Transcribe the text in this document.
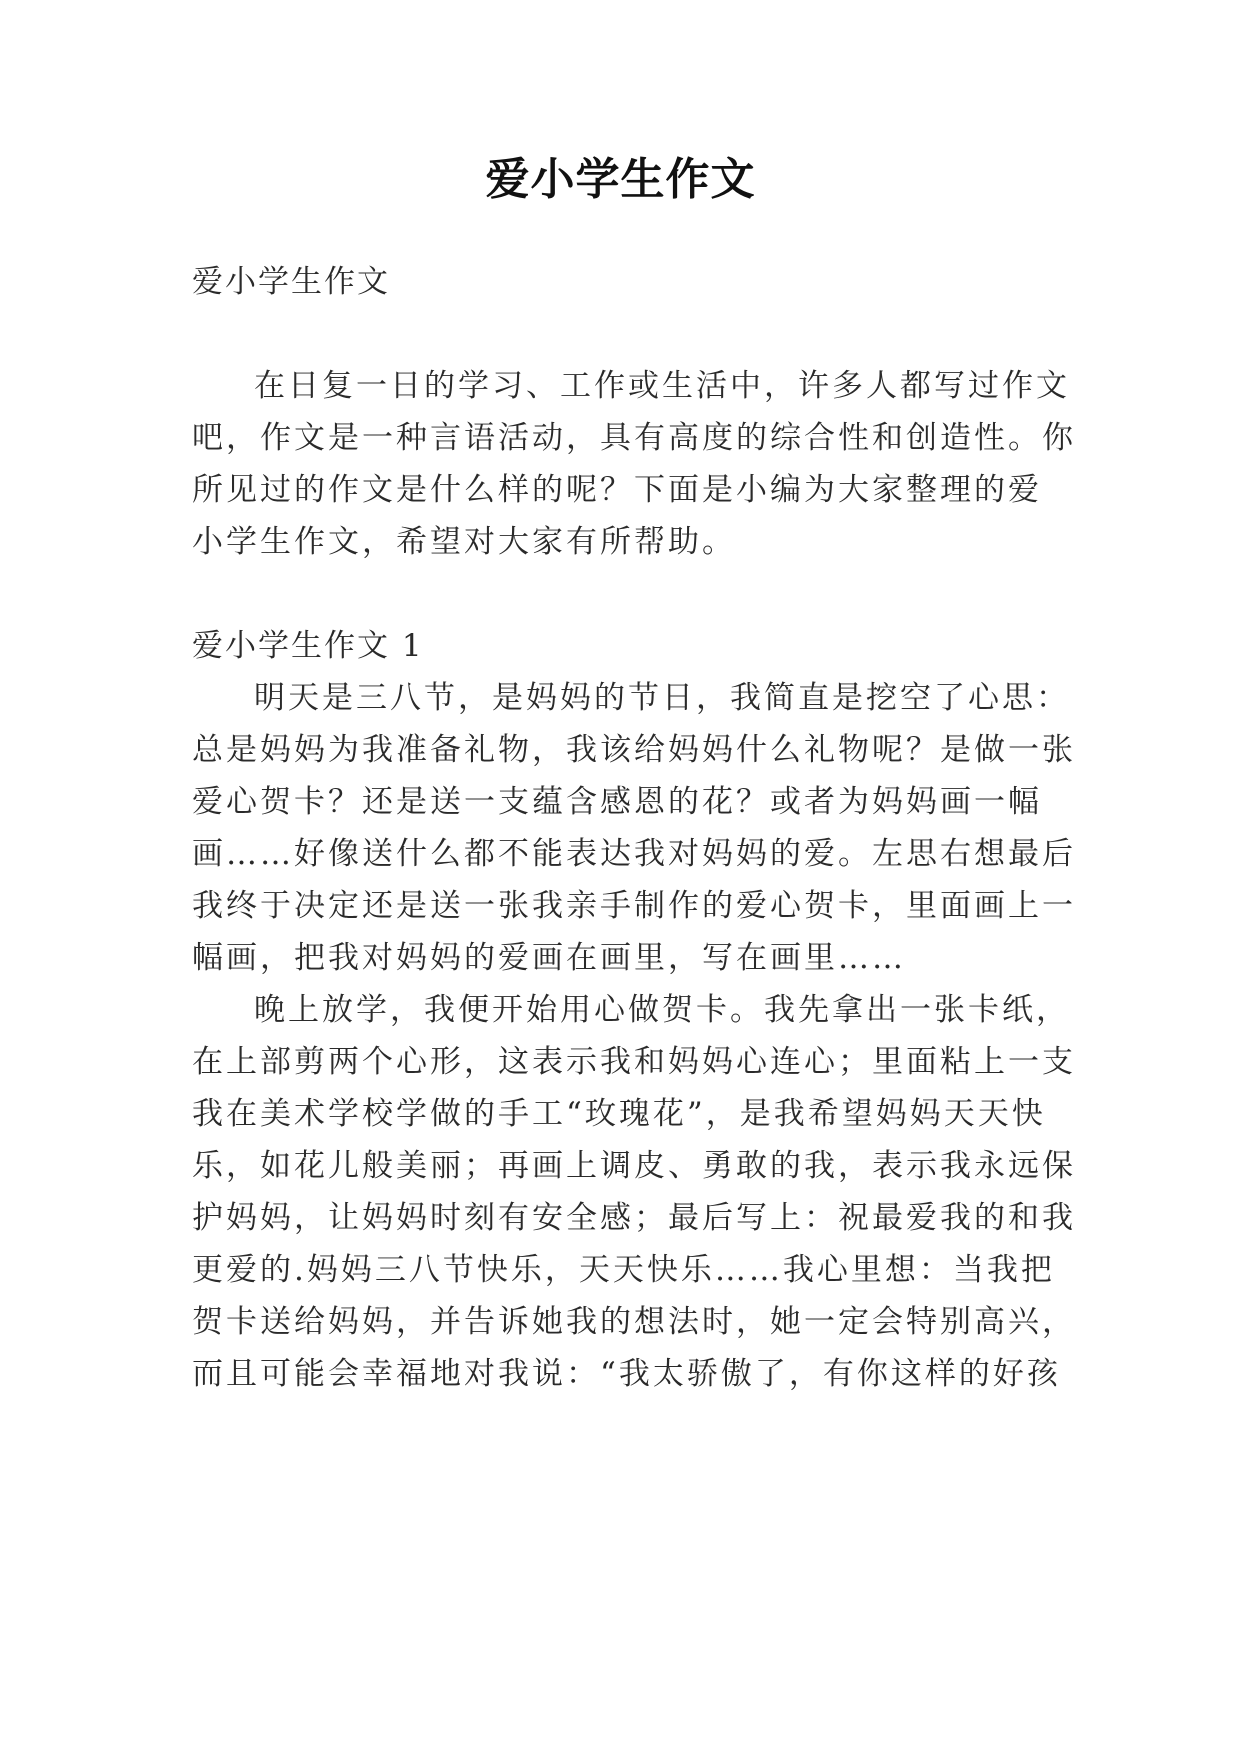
爱小学生作文
爱小学生作文
在日复一日的学习、工作或生活中，许多人都写过作文
吧，作文是一种言语活动，具有高度的综合性和创造性。你
所见过的作文是什么样的呢？下面是小编为大家整理的爱
小学生作文，希望对大家有所帮助。
爱小学生作文 1
明天是三八节，是妈妈的节日，我简直是挖空了心思：
总是妈妈为我准备礼物，我该给妈妈什么礼物呢？是做一张
爱心贺卡？还是送一支蕴含感恩的花？或者为妈妈画一幅
画……好像送什么都不能表达我对妈妈的爱。左思右想最后
我终于决定还是送一张我亲手制作的爱心贺卡，里面画上一
幅画，把我对妈妈的爱画在画里，写在画里……
晚上放学，我便开始用心做贺卡。我先拿出一张卡纸，
在上部剪两个心形，这表示我和妈妈心连心；里面粘上一支
我在美术学校学做的手工“玫瑰花”，是我希望妈妈天天快
乐，如花儿般美丽；再画上调皮、勇敢的我，表示我永远保
护妈妈，让妈妈时刻有安全感；最后写上：祝最爱我的和我
更爱的.妈妈三八节快乐，天天快乐……我心里想：当我把
贺卡送给妈妈，并告诉她我的想法时，她一定会特别高兴，
而且可能会幸福地对我说：“我太骄傲了，有你这样的好孩
